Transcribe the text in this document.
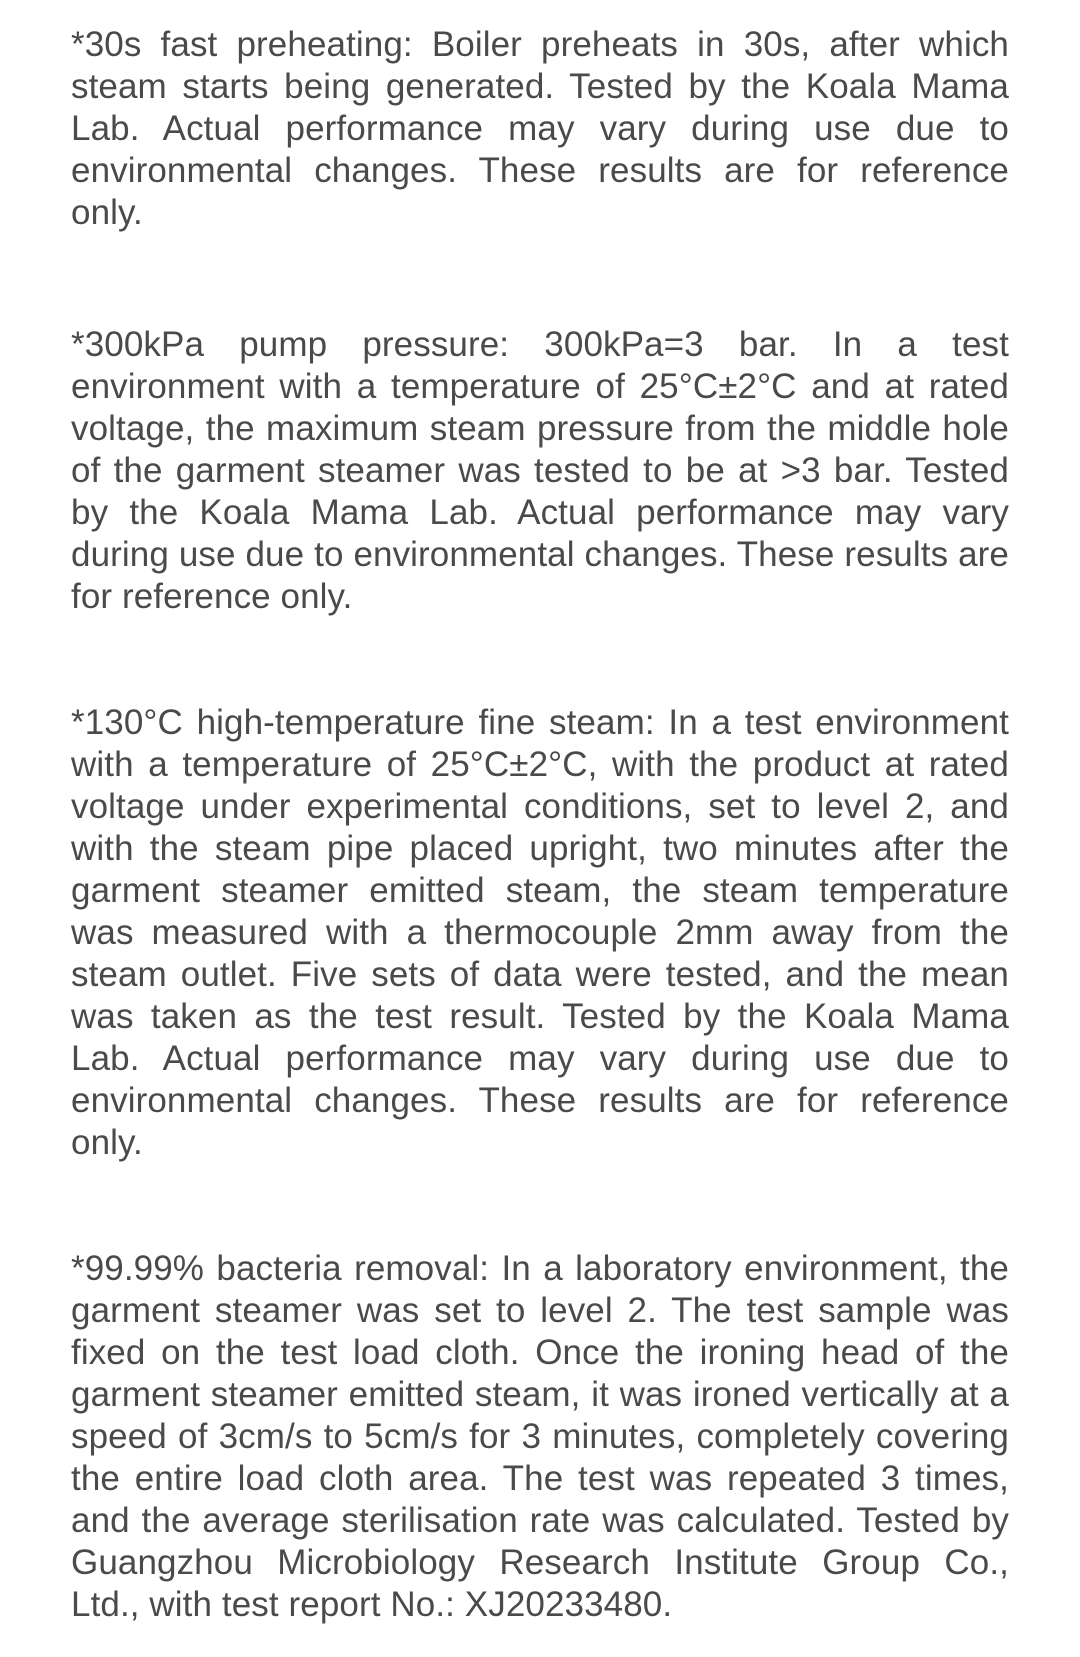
*30s fast preheating: Boiler preheats in 30s, after which steam starts being generated. Tested by the Koala Mama Lab. Actual performance may vary during use due to environmental changes. These results are for reference only.

*300kPa pump pressure: 300kPa=3 bar. In a test environment with a temperature of 25°C±2°C and at rated voltage, the maximum steam pressure from the middle hole of the garment steamer was tested to be at >3 bar. Tested by the Koala Mama Lab. Actual performance may vary during use due to environmental changes. These results are for reference only.

*130°C high-temperature fine steam: In a test environment with a temperature of 25°C±2°C, with the product at rated voltage under experimental conditions, set to level 2, and with the steam pipe placed upright, two minutes after the garment steamer emitted steam, the steam temperature was measured with a thermocouple 2mm away from the steam outlet. Five sets of data were tested, and the mean was taken as the test result. Tested by the Koala Mama Lab. Actual performance may vary during use due to environmental changes. These results are for reference only.

*99.99% bacteria removal: In a laboratory environment, the garment steamer was set to level 2. The test sample was fixed on the test load cloth. Once the ironing head of the garment steamer emitted steam, it was ironed vertically at a speed of 3cm/s to 5cm/s for 3 minutes, completely covering the entire load cloth area. The test was repeated 3 times, and the average sterilisation rate was calculated. Tested by Guangzhou Microbiology Research Institute Group Co., Ltd., with test report No.: XJ20233480.
